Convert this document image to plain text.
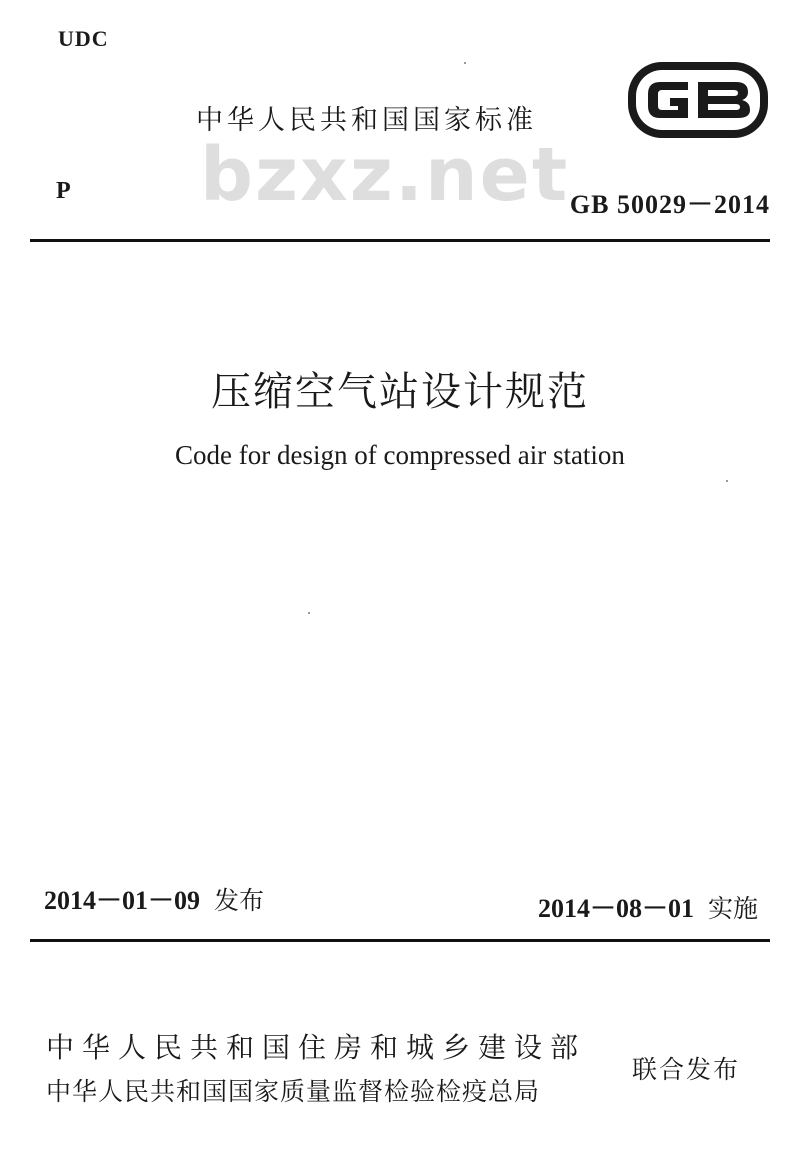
UDC
中华人民共和国国家标准
bzxz.net
P	GB 50029－2014
压缩空气站设计规范
Code for design of compressed air station
2014－01－09 发布	2014－08－01 实施
中华人民共和国住房和城乡建设部
中华人民共和国国家质量监督检验检疫总局
联合发布
